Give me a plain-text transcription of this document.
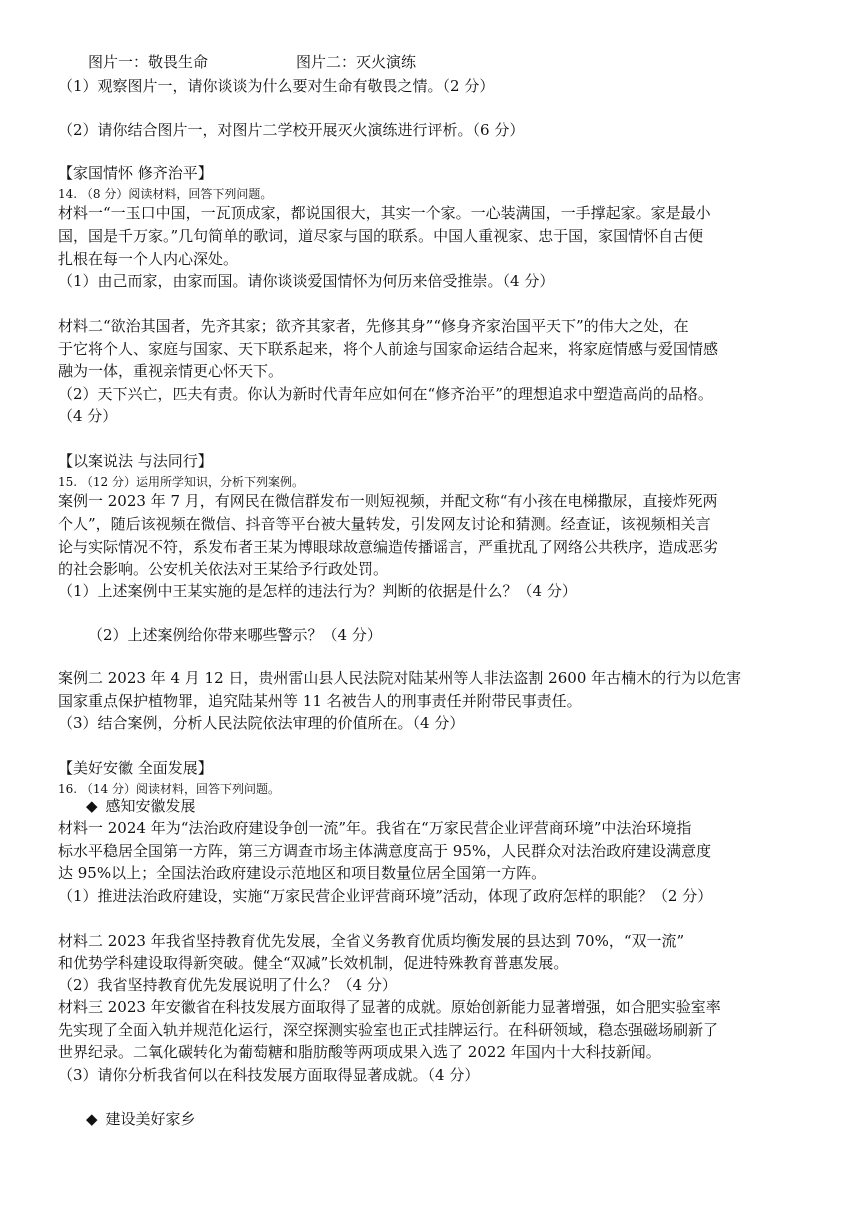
图片一：敬畏生命	图片二：灭火演练
（1）观察图片一，请你谈谈为什么要对生命有敬畏之情。（2 分）
（2）请你结合图片一，对图片二学校开展灭火演练进行评析。（6 分）
【家国情怀 修齐治平】
14. （8 分）阅读材料，回答下列问题。
材料一“一玉口中国，一瓦顶成家，都说国很大，其实一个家。一心装满国，一手撑起家。家是最小
国，国是千万家。”几句简单的歌词，道尽家与国的联系。中国人重视家、忠于国，家国情怀自古便
扎根在每一个人内心深处。
（1）由己而家，由家而国。请你谈谈爱国情怀为何历来倍受推崇。（4 分）
材料二“欲治其国者，先齐其家；欲齐其家者，先修其身”“修身齐家治国平天下”的伟大之处，在
于它将个人、家庭与国家、天下联系起来，将个人前途与国家命运结合起来，将家庭情感与爱国情感
融为一体，重视亲情更心怀天下。
（2）天下兴亡，匹夫有责。你认为新时代青年应如何在“修齐治平”的理想追求中塑造高尚的品格。
（4 分）
【以案说法 与法同行】
15. （12 分）运用所学知识，分析下列案例。
案例一 2023 年 7 月，有网民在微信群发布一则短视频，并配文称“有小孩在电梯撒尿，直接炸死两
个人”，随后该视频在微信、抖音等平台被大量转发，引发网友讨论和猜测。经查证，该视频相关言
论与实际情况不符，系发布者王某为博眼球故意编造传播谣言，严重扰乱了网络公共秩序，造成恶劣
的社会影响。公安机关依法对王某给予行政处罚。
（1）上述案例中王某实施的是怎样的违法行为？判断的依据是什么？（4 分）
（2）上述案例给你带来哪些警示？（4 分）
案例二 2023 年 4 月 12 日，贵州雷山县人民法院对陆某州等人非法盗割 2600 年古楠木的行为以危害
国家重点保护植物罪，追究陆某州等 11 名被告人的刑事责任并附带民事责任。
（3）结合案例，分析人民法院依法审理的价值所在。（4 分）
【美好安徽 全面发展】
16. （14 分）阅读材料，回答下列问题。
◆ 感知安徽发展
材料一 2024 年为“法治政府建设争创一流”年。我省在“万家民营企业评营商环境”中法治环境指
标水平稳居全国第一方阵，第三方调查市场主体满意度高于 95%，人民群众对法治政府建设满意度
达 95%以上；全国法治政府建设示范地区和项目数量位居全国第一方阵。
（1）推进法治政府建设，实施“万家民营企业评营商环境”活动，体现了政府怎样的职能？（2 分）
材料二 2023 年我省坚持教育优先发展，全省义务教育优质均衡发展的县达到 70%，“双一流”
和优势学科建设取得新突破。健全“双减”长效机制，促进特殊教育普惠发展。
（2）我省坚持教育优先发展说明了什么？（4 分）
材料三 2023 年安徽省在科技发展方面取得了显著的成就。原始创新能力显著增强，如合肥实验室率
先实现了全面入轨并规范化运行，深空探测实验室也正式挂牌运行。在科研领域，稳态强磁场刷新了
世界纪录。二氧化碳转化为葡萄糖和脂肪酸等两项成果入选了 2022 年国内十大科技新闻。
（3）请你分析我省何以在科技发展方面取得显著成就。（4 分）
◆ 建设美好家乡
